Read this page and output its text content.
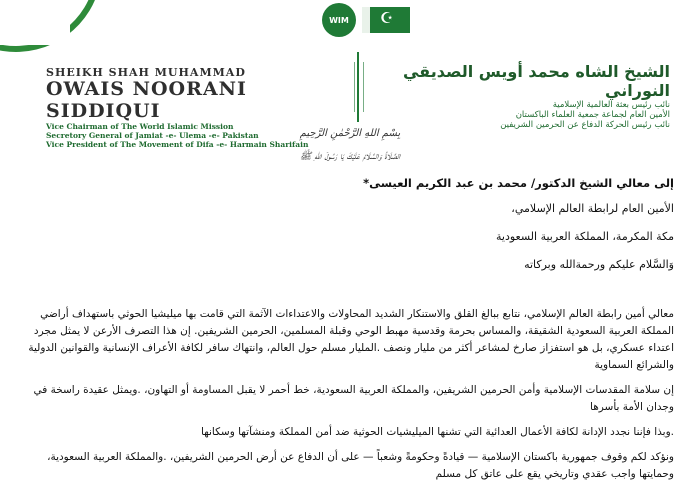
WIM
☪
SHEIKH SHAH MUHAMMAD
OWAIS NOORANI SIDDIQUI
Vice Chairman of The World Islamic Mission
Secretory General of Jamiat -e- Ulema -e- Pakistan
Vice President of The Movement of Difa -e- Harmain Sharifain
الشيخ الشاه محمد أويس الصديقي النوراني
نائب رئيس بعثة العالمية الإسلامية
الأمين العام لجماعة جمعية العلماء الباكستان
نائب رئيس الحركة الدفاع عن الحرمين الشريفين
بِسْمِ اللهِ الرَّحْمٰنِ الرَّحِيمِ
الصَّلَاةُ وَالسَّلَامُ عَلَيْكَ يَا رَسُولَ اللّٰهِ ﷺ
إلى معالي الشيخ الدكتور/ محمد بن عبد الكريم العيسى*
الأمين العام لرابطة العالم الإسلامي،
مكة المكرمة، المملكة العربية السعودية
وَالسَّلام عليكم ورحمةالله وبركاته
معالي أمين رابطة العالم الإسلامي، نتابع ببالغ القلق والاستنكار الشديد المحاولات والاعتداءات الآثمة التي قامت بها ميليشيا الحوثي باستهداف أراضي المملكة العربية السعودية الشقيقة، والمساس بحرمة وقدسية مهبط الوحي وقبلة المسلمين، الحرمين الشريفين. إن هذا التصرف الأرعن لا يمثل مجرد اعتداء عسكري، بل هو استفزاز صارخ لمشاعر أكثر من مليار ونصف .المليار مسلم حول العالم، وانتهاك سافر لكافة الأعراف الإنسانية والقوانين الدولية والشرائع السماوية
إن سلامة المقدسات الإسلامية وأمن الحرمين الشريفين، والمملكة العربية السعودية، خط أحمر لا يقبل المساومة أو التهاون، .ويمثل عقيدة راسخة في وجدان الأمة بأسرها
.وبذا فإننا نجدد الإدانة لكافة الأعمال العدائية التي تشنها الميليشيات الحوثية ضد أمن المملكة ومنشآتها وسكانها
ونؤكد لكم وقوف جمهورية باكستان الإسلامية — قيادةً وحكومةً وشعباً — على أن الدفاع عن أرض الحرمين الشريفين، .والمملكة العربية السعودية، وحمايتها واجب عقدي وتاريخي يقع على عاتق كل مسلم
